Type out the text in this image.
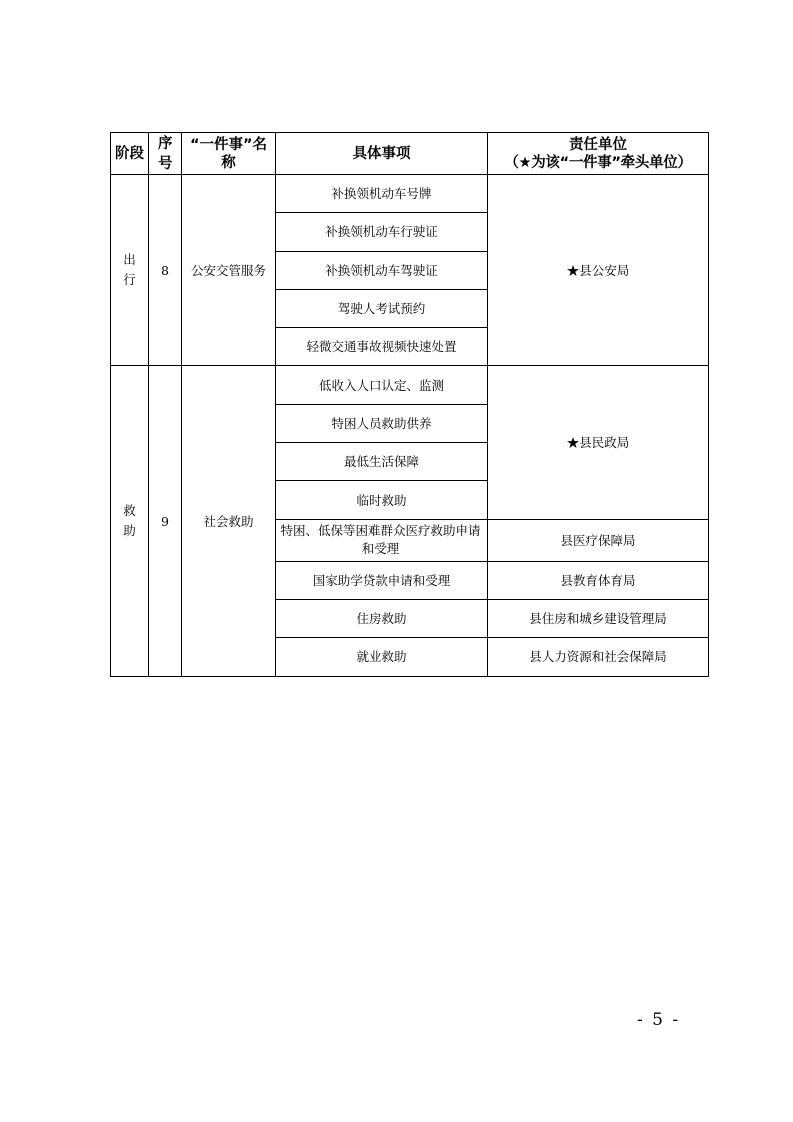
阶段	序号	“一件事”名称	具体事项	责任单位
（★为该“一件事”牵头单位）

出行	8	公安交管服务	补换领机动车号牌	★县公安局
			补换领机动车行驶证	
			补换领机动车驾驶证	
			驾驶人考试预约	
			轻微交通事故视频快速处置	
救助	9	社会救助	低收入人口认定、监测	★县民政局
			特困人员救助供养	
			最低生活保障	
			临时救助	
			特困、低保等困难群众医疗救助申请和受理	县医疗保障局
			国家助学贷款申请和受理	县教育体育局
			住房救助	县住房和城乡建设管理局
			就业救助	县人力资源和社会保障局
- 5 -
